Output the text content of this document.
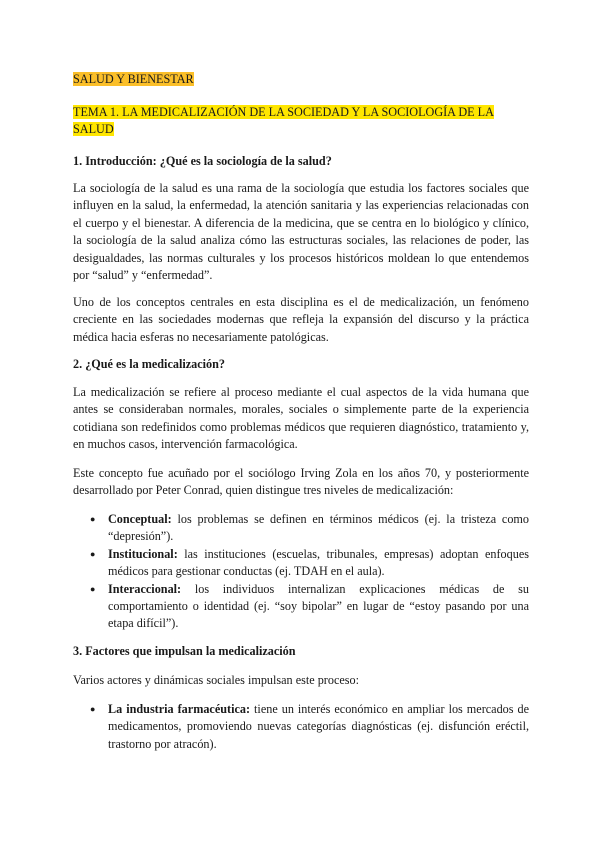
SALUD Y BIENESTAR
TEMA 1. LA MEDICALIZACIÓN DE LA SOCIEDAD Y LA SOCIOLOGÍA DE LA SALUD
1. Introducción: ¿Qué es la sociología de la salud?
La sociología de la salud es una rama de la sociología que estudia los factores sociales que influyen en la salud, la enfermedad, la atención sanitaria y las experiencias relacionadas con el cuerpo y el bienestar. A diferencia de la medicina, que se centra en lo biológico y clínico, la sociología de la salud analiza cómo las estructuras sociales, las relaciones de poder, las desigualdades, las normas culturales y los procesos históricos moldean lo que entendemos por “salud” y “enfermedad”.
Uno de los conceptos centrales en esta disciplina es el de medicalización, un fenómeno creciente en las sociedades modernas que refleja la expansión del discurso y la práctica médica hacia esferas no necesariamente patológicas.
2. ¿Qué es la medicalización?
La medicalización se refiere al proceso mediante el cual aspectos de la vida humana que antes se consideraban normales, morales, sociales o simplemente parte de la experiencia cotidiana son redefinidos como problemas médicos que requieren diagnóstico, tratamiento y, en muchos casos, intervención farmacológica.
Este concepto fue acuñado por el sociólogo Irving Zola en los años 70, y posteriormente desarrollado por Peter Conrad, quien distingue tres niveles de medicalización:
● Conceptual: los problemas se definen en términos médicos (ej. la tristeza como “depresión”).
● Institucional: las instituciones (escuelas, tribunales, empresas) adoptan enfoques médicos para gestionar conductas (ej. TDAH en el aula).
● Interaccional: los individuos internalizan explicaciones médicas de su comportamiento o identidad (ej. “soy bipolar” en lugar de “estoy pasando por una etapa difícil”).
3. Factores que impulsan la medicalización
Varios actores y dinámicas sociales impulsan este proceso:
● La industria farmacéutica: tiene un interés económico en ampliar los mercados de medicamentos, promoviendo nuevas categorías diagnósticas (ej. disfunción eréctil, trastorno por atracón).
